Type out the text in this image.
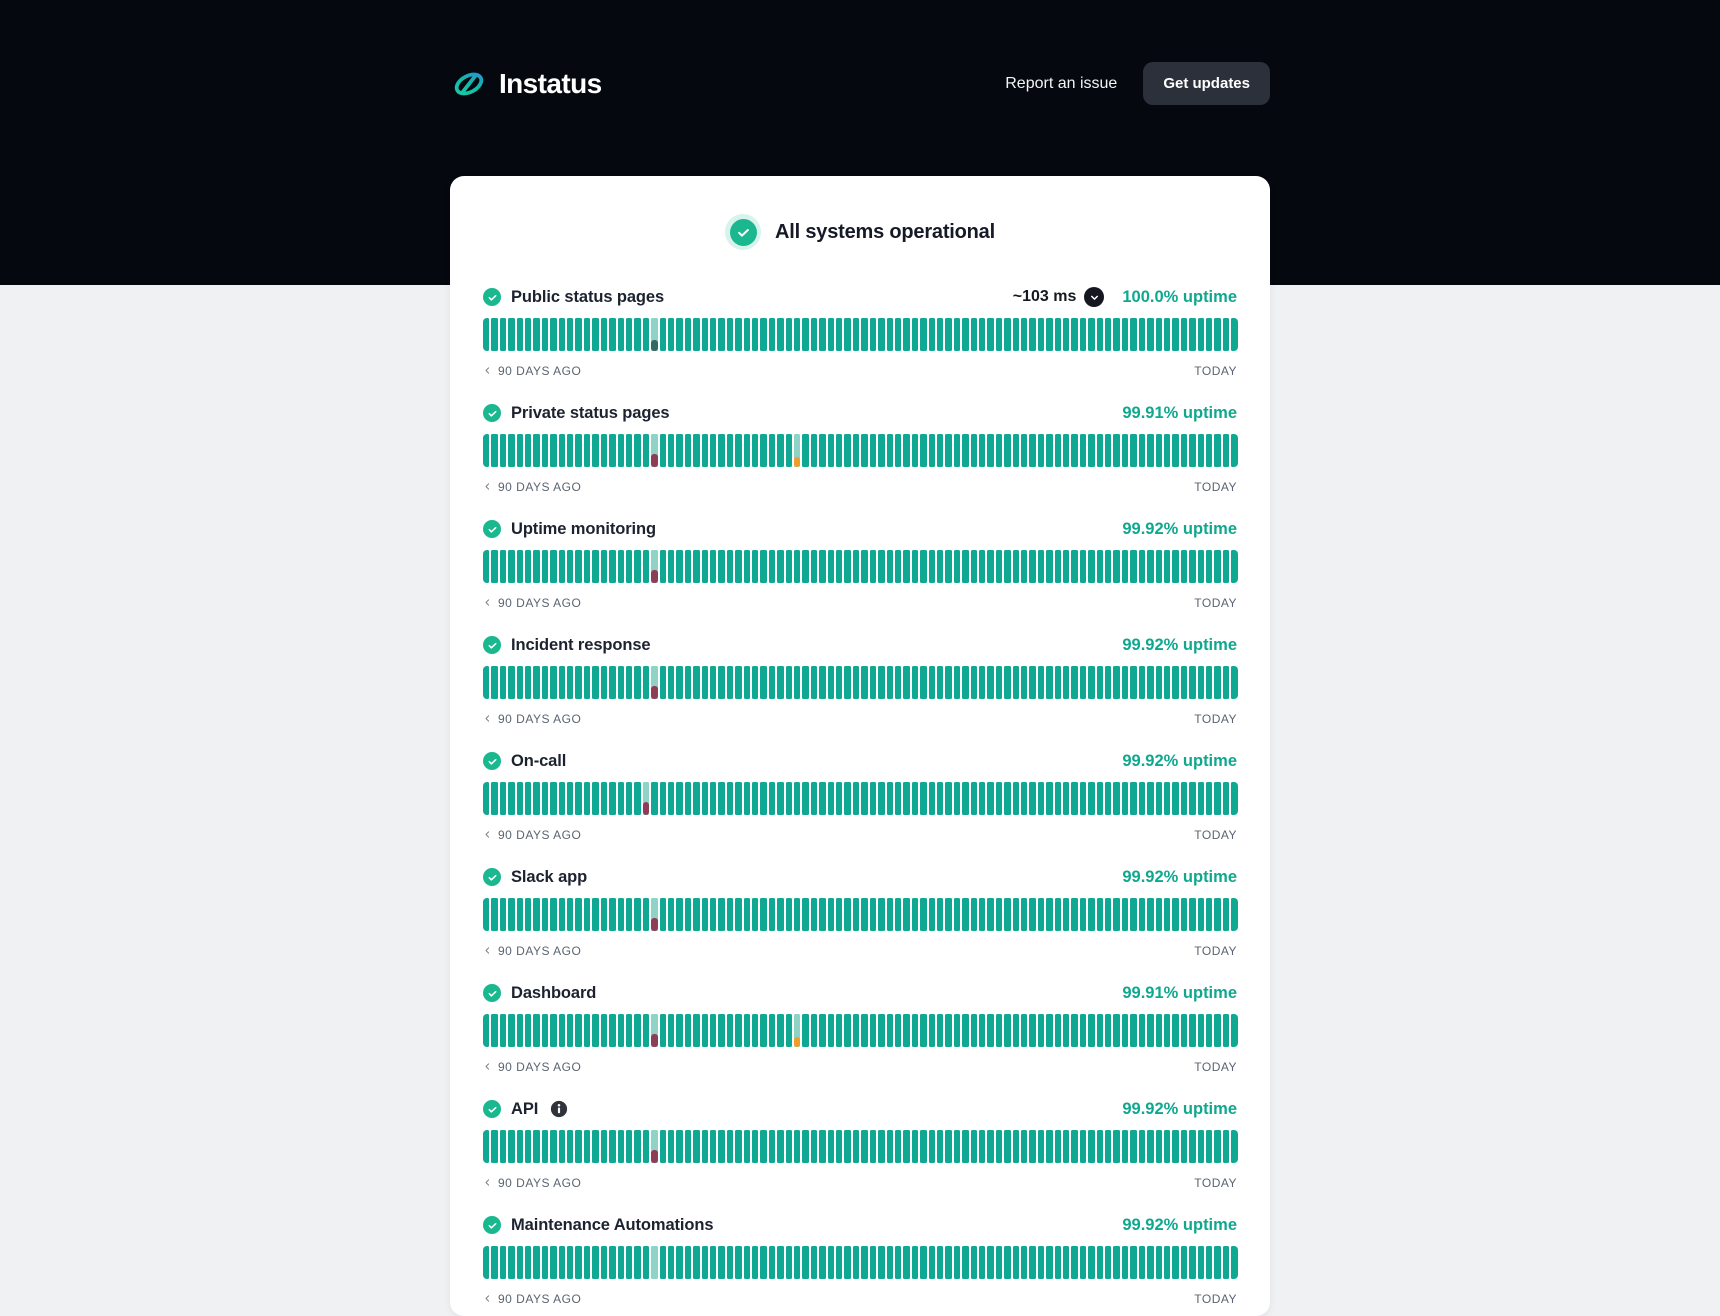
Instatus	Report an issue	Get updates
All systems operational
Public status pages	~103 ms	100.0% uptime
90 DAYS AGO	TODAY
Private status pages	99.91% uptime
90 DAYS AGO	TODAY
Uptime monitoring	99.92% uptime
90 DAYS AGO	TODAY
Incident response	99.92% uptime
90 DAYS AGO	TODAY
On-call	99.92% uptime
90 DAYS AGO	TODAY
Slack app	99.92% uptime
90 DAYS AGO	TODAY
Dashboard	99.91% uptime
90 DAYS AGO	TODAY
API	99.92% uptime
90 DAYS AGO	TODAY
Maintenance Automations	99.92% uptime
90 DAYS AGO	TODAY
